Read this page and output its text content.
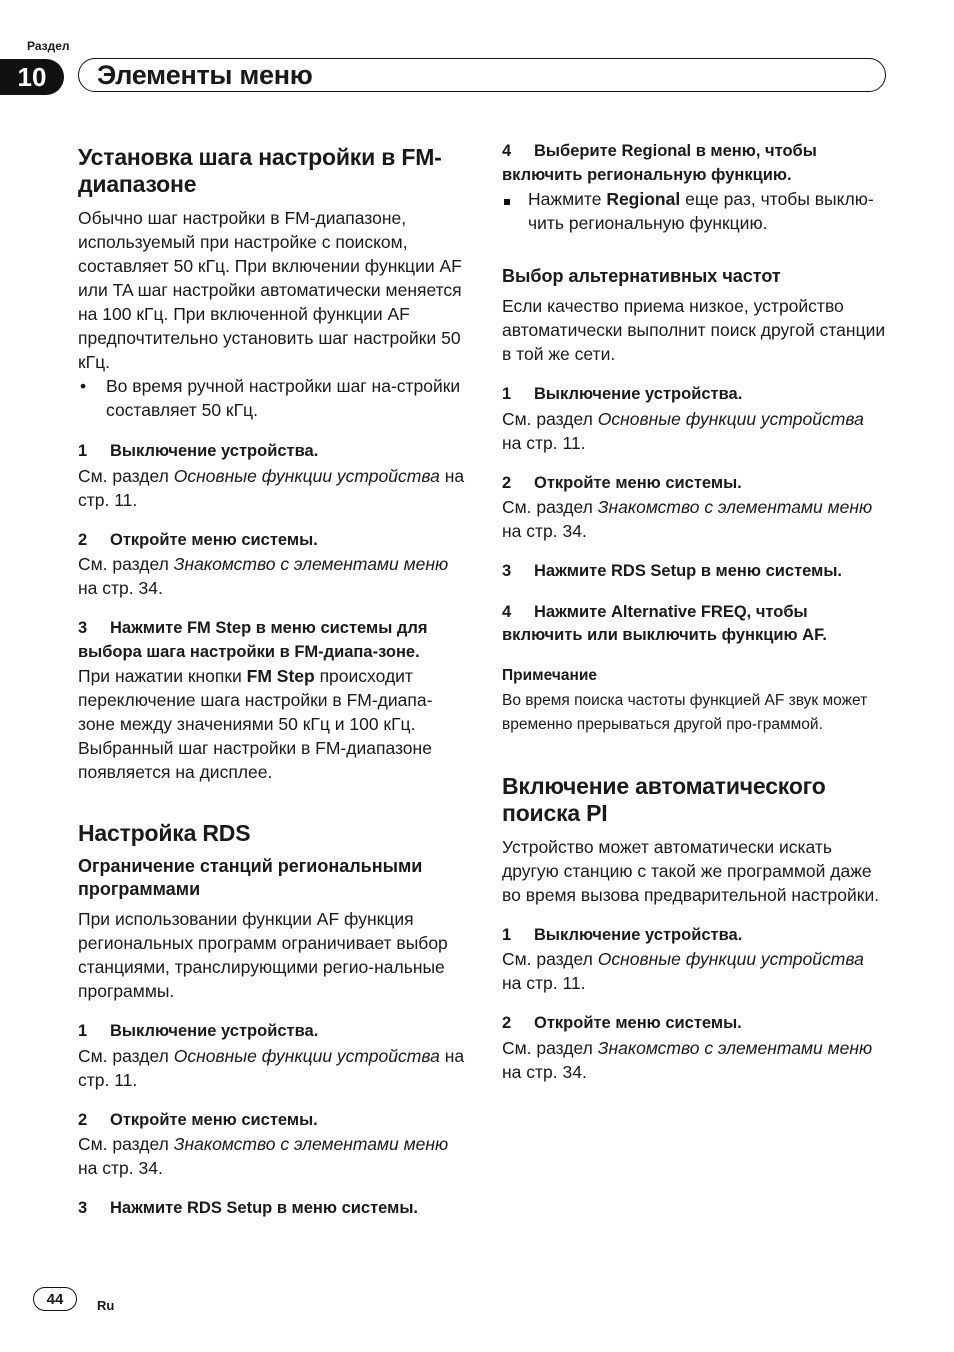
Раздел
10	Элементы меню
Установка шага настройки в FM-диапазоне

Обычно шаг настройки в FM-диапазоне, используемый при настройке с поиском, составляет 50 кГц. При включении функции AF или TA шаг настройки автоматически меняется на 100 кГц. При включенной функции AF предпочтительно установить шаг настройки 50 кГц.

•	Во время ручной настройки шаг на-стройки составляет 50 кГц.

1 Выключение устройства.

См. раздел Основные функции устройства на стр. 11.

2 Откройте меню системы.

См. раздел Знакомство с элементами меню на стр. 34.

3 Нажмите FM Step в меню системы для выбора шага настройки в FM-диапа-зоне.

При нажатии кнопки FM Step происходит переключение шага настройки в FM-диапа-зоне между значениями 50 кГц и 100 кГц. Выбранный шаг настройки в FM-диапазоне появляется на дисплее.

Настройка RDS
Ограничение станций региональными программами

При использовании функции AF функция региональных программ ограничивает выбор станциями, транслирующими регио-нальные программы.

1 Выключение устройства.

См. раздел Основные функции устройства на стр. 11.

2 Откройте меню системы.

См. раздел Знакомство с элементами меню на стр. 34.

3 Нажмите RDS Setup в меню системы.

4 Выберите Regional в меню, чтобы включить региональную функцию.

Нажмите Regional еще раз, чтобы выклю-чить региональную функцию.
Выбор альтернативных частот

Если качество приема низкое, устройство автоматически выполнит поиск другой станции в той же сети.

1 Выключение устройства.

См. раздел Основные функции устройства на стр. 11.

2 Откройте меню системы.

См. раздел Знакомство с элементами меню на стр. 34.

3 Нажмите RDS Setup в меню системы.

4 Нажмите Alternative FREQ, чтобы включить или выключить функцию AF.

Примечание

Во время поиска частоты функцией AF звук может временно прерываться другой про-граммой.

Включение автоматического поиска PI

Устройство может автоматически искать другую станцию с такой же программой даже во время вызова предварительной настройки.

1 Выключение устройства.

См. раздел Основные функции устройства на стр. 11.

2 Откройте меню системы.

См. раздел Знакомство с элементами меню на стр. 34.

44	Ru
